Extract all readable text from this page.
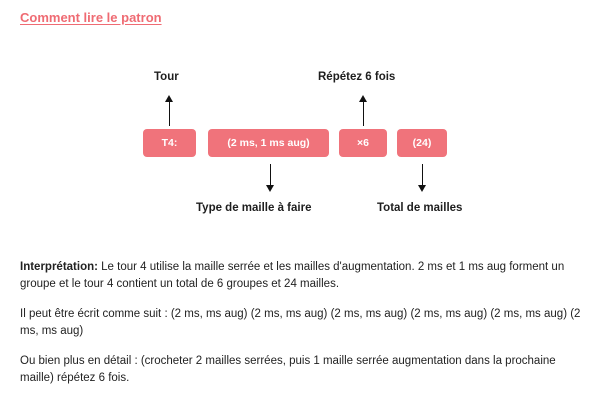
Comment lire le patron
Tour	Répétez 6 fois
T4:	(2 ms, 1 ms aug)	×6	(24)
Type de maille à faire	Total de mailles
Interprétation: Le tour 4 utilise la maille serrée et les mailles d'augmentation. 2 ms et 1 ms aug forment un groupe et le tour 4 contient un total de 6 groupes et 24 mailles.
Il peut être écrit comme suit : (2 ms, ms aug) (2 ms, ms aug) (2 ms, ms aug) (2 ms, ms aug) (2 ms, ms aug) (2 ms, ms aug)
Ou bien plus en détail : (crocheter 2 mailles serrées, puis 1 maille serrée augmentation dans la prochaine maille) répétez 6 fois.
